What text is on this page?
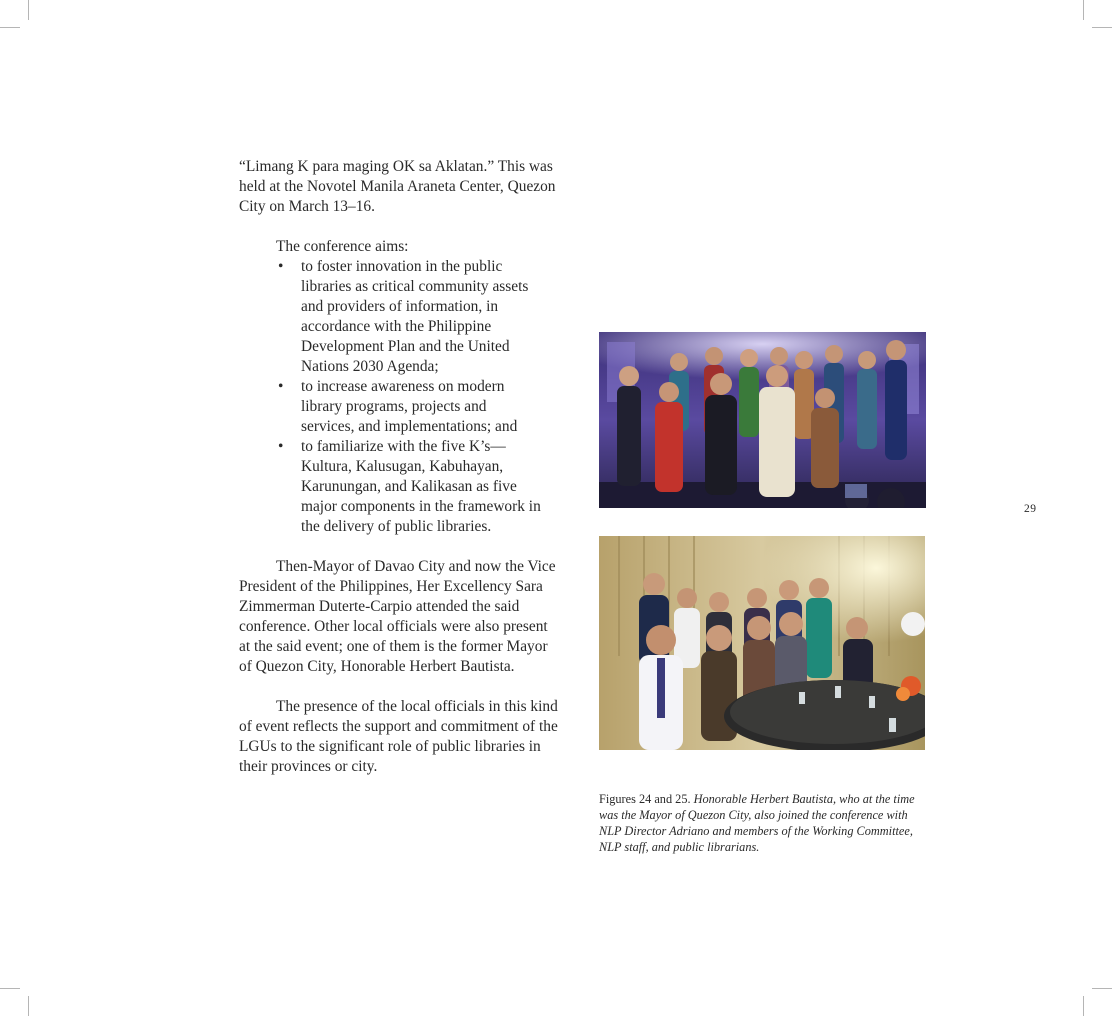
“Limang K para maging OK sa Aklatan.” This was held at the Novotel Manila Araneta Center, Quezon City on March 13–16.

The conference aims:

• to foster innovation in the public libraries as critical community assets and providers of information, in accordance with the Philippine Development Plan and the United Nations 2030 Agenda;
• to increase awareness on modern library programs, projects and services, and implementations; and
• to familiarize with the five K’s— Kultura, Kalusugan, Kabuhayan, Karunungan, and Kalikasan as five major components in the framework in the delivery of public libraries.

Then-Mayor of Davao City and now the Vice President of the Philippines, Her Excellency Sara Zimmerman Duterte-Carpio attended the said conference. Other local officials were also present at the said event; one of them is the former Mayor of Quezon City, Honorable Herbert Bautista.

The presence of the local officials in this kind of event reflects the support and commitment of the LGUs to the significant role of public libraries in their provinces or city.

Figures 24 and 25. Honorable Herbert Bautista, who at the time was the Mayor of Quezon City, also joined the conference with NLP Director Adriano and members of the Working Committee, NLP staff, and public librarians.
29
